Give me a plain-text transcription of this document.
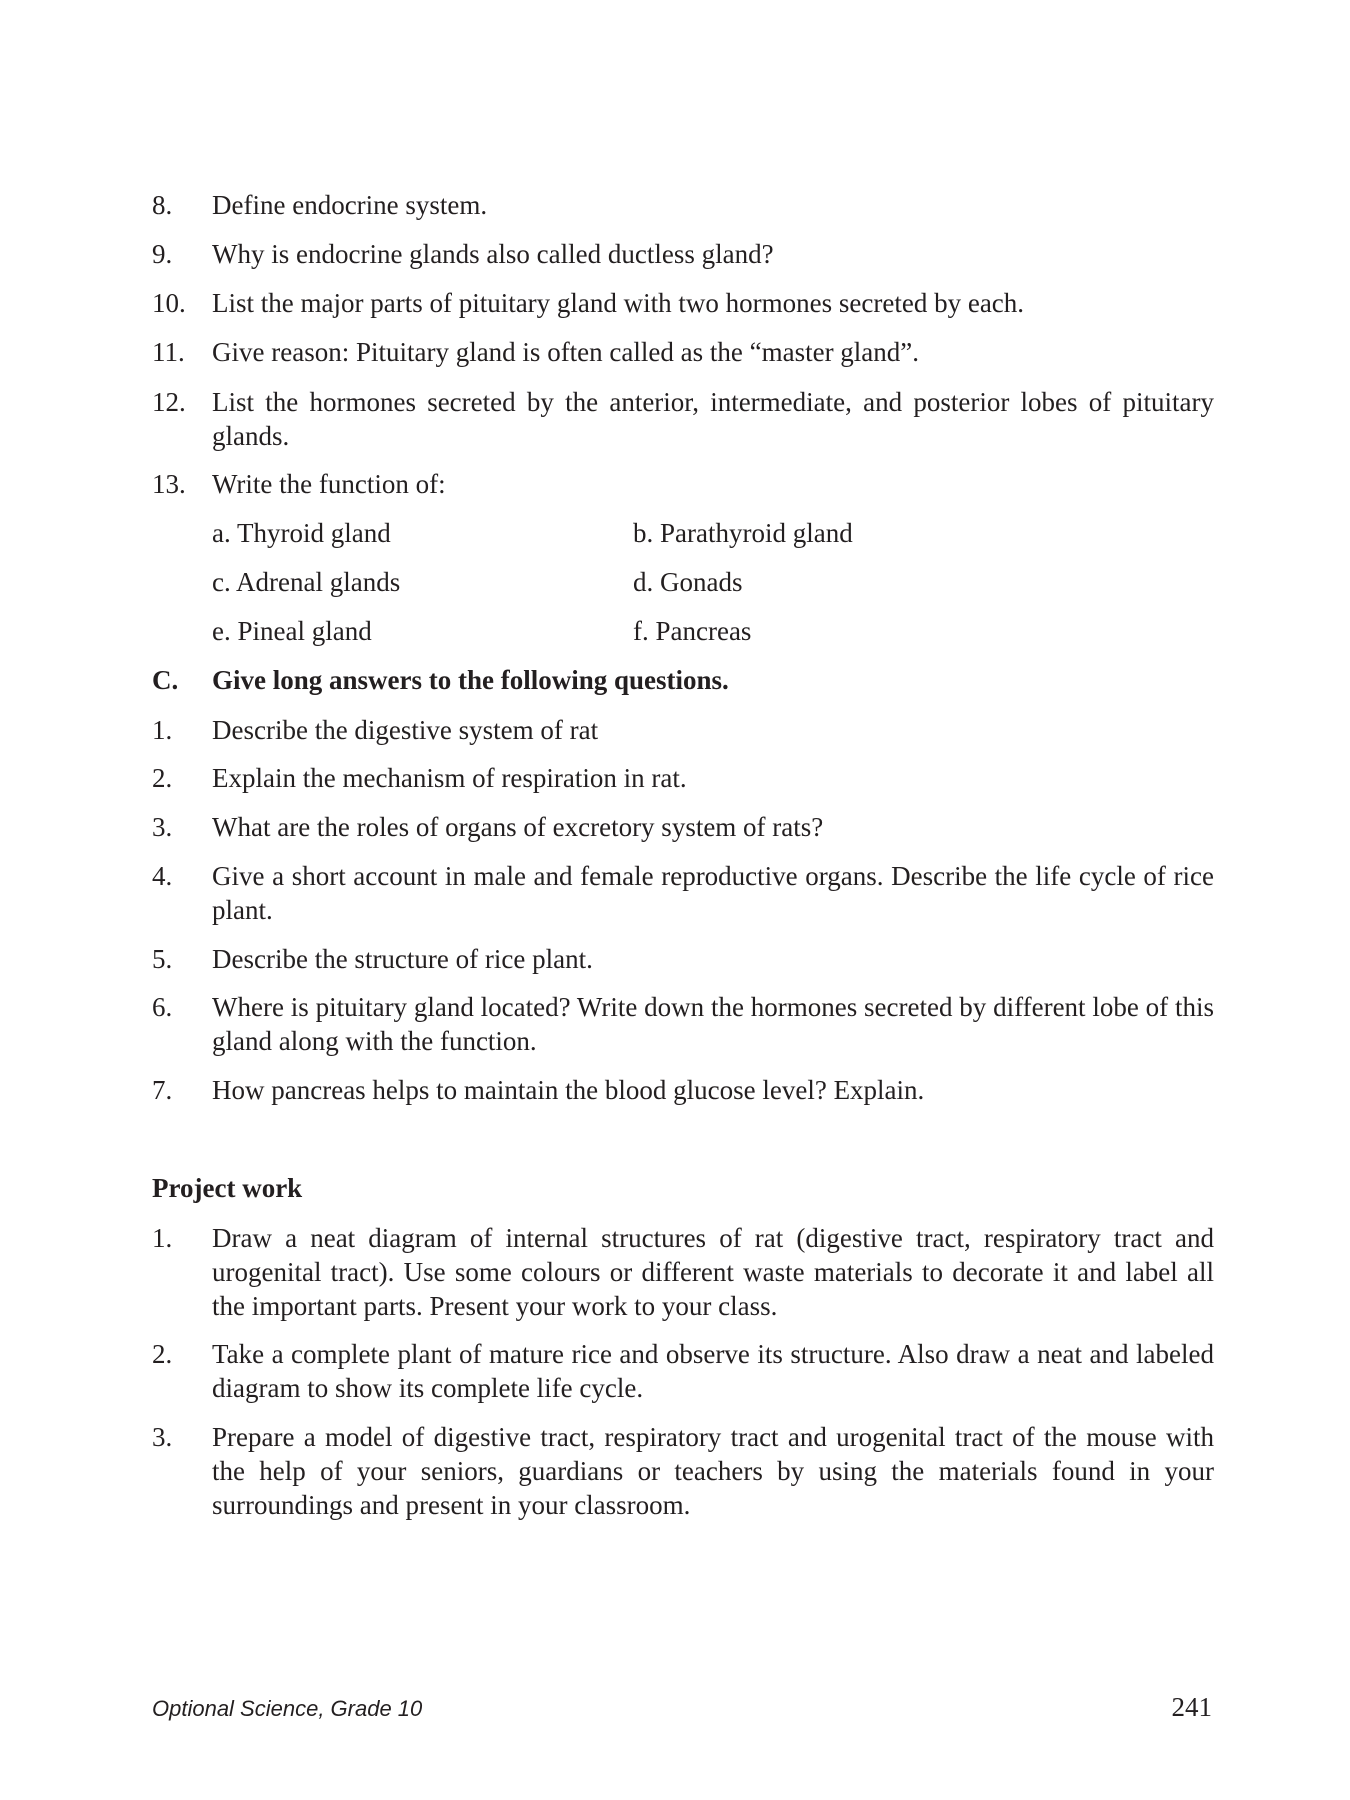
8.	Define endocrine system.
9.	Why is endocrine glands also called ductless gland?
10. List the major parts of pituitary gland with two hormones secreted by each.
11.	Give reason: Pituitary gland is often called as the “master gland”.
12. List the hormones secreted by the anterior, intermediate, and posterior lobes of pituitary glands.
13. Write the function of:
a. Thyroid gland	b. Parathyroid gland
c. Adrenal glands	d. Gonads
e. Pineal gland	f. Pancreas
C.	Give long answers to the following questions.
1.	Describe the digestive system of rat
2.	Explain the mechanism of respiration in rat.
3.	What are the roles of organs of excretory system of rats?
4.	Give a short account in male and female reproductive organs. Describe the life cycle of rice plant.
5.	Describe the structure of rice plant.
6.	Where is pituitary gland located? Write down the hormones secreted by different lobe of this gland along with the function.
7.	How pancreas helps to maintain the blood glucose level? Explain.
Project work
1.	Draw a neat diagram of internal structures of rat (digestive tract, respiratory tract and urogenital tract). Use some colours or different waste materials to decorate it and label all the important parts. Present your work to your class.
2.	Take a complete plant of mature rice and observe its structure. Also draw a neat and labeled diagram to show its complete life cycle.
3.	Prepare a model of digestive tract, respiratory tract and urogenital tract of the mouse with the help of your seniors, guardians or teachers by using the materials found in your surroundings and present in your classroom.
Optional Science, Grade 10	241
